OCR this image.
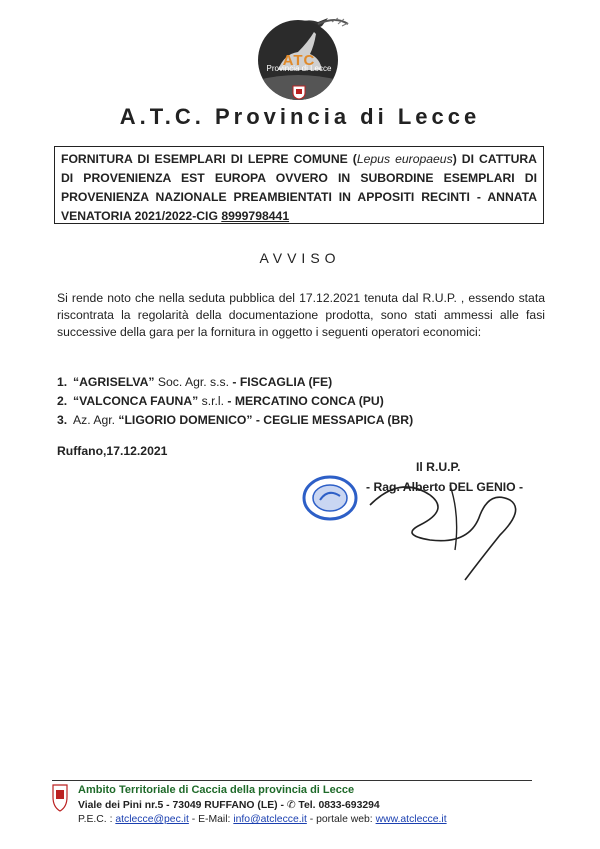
ATC
Provincia di Lecce
A.T.C. Provincia di Lecce
FORNITURA DI ESEMPLARI DI LEPRE COMUNE (Lepus europaeus) DI CATTURA DI PROVENIENZA EST EUROPA OVVERO IN SUBORDINE ESEMPLARI DI PROVENIENZA NAZIONALE PREAMBIENTATI IN APPOSITI RECINTI - ANNATA VENATORIA 2021/2022-CIG 8999798441
AVVISO
Si rende noto che nella seduta pubblica del 17.12.2021 tenuta dal R.U.P. , essendo stata riscontrata la regolarità della documentazione prodotta, sono stati ammessi alle fasi successive della gara per la fornitura in oggetto i seguenti operatori economici:
1. “AGRISELVA” Soc. Agr. s.s. - FISCAGLIA (FE)
2. “VALCONCA FAUNA” s.r.l. - MERCATINO CONCA (PU)
3. Az. Agr. “LIGORIO DOMENICO” - CEGLIE MESSAPICA (BR)
Ruffano,17.12.2021
Il R.U.P.
- Rag. Alberto DEL GENIO -
Ambito Territoriale di Caccia della provincia di Lecce
Viale dei Pini nr.5 - 73049 RUFFANO (LE) - ✆ Tel. 0833-693294
P.E.C. : atclecce@pec.it - E-Mail: info@atclecce.it - portale web: www.atclecce.it
